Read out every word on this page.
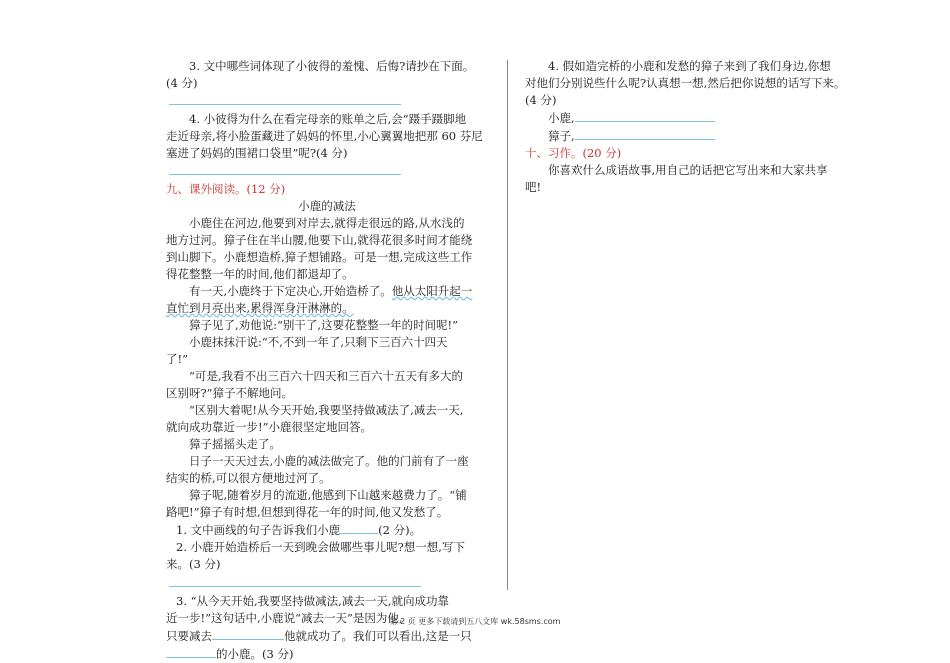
3. 文中哪些词体现了小彼得的羞愧、后悔?请抄在下面。

(4 分)

4. 小彼得为什么在看完母亲的账单之后,会“蹑手蹑脚地

走近母亲,将小脸蛋藏进了妈妈的怀里,小心翼翼地把那 60 芬尼

塞进了妈妈的围裙口袋里”呢?(4 分)

九、课外阅读。(12 分)

小鹿的减法

小鹿住在河边,他要到对岸去,就得走很远的路,从水浅的

地方过河。獐子住在半山腰,他要下山,就得花很多时间才能绕

到山脚下。小鹿想造桥,獐子想铺路。可是一想,完成这些工作

得花整整一年的时间,他们都退却了。

有一天,小鹿终于下定决心,开始造桥了。他从太阳升起一

直忙到月亮出来,累得浑身汗淋淋的。

獐子见了,劝他说:“别干了,这要花整整一年的时间呢!”

小鹿抹抹汗说:“不,不到一年了,只剩下三百六十四天

了!”

“可是,我看不出三百六十四天和三百六十五天有多大的

区别呀?”獐子不解地问。

“区别大着呢!从今天开始,我要坚持做减法了,减去一天,

就向成功靠近一步!”小鹿很坚定地回答。

獐子摇摇头走了。

日子一天天过去,小鹿的减法做完了。他的门前有了一座

结实的桥,可以很方便地过河了。

獐子呢,随着岁月的流逝,他感到下山越来越费力了。“铺

路吧!”獐子有时想,但想到得花一年的时间,他又发愁了。

1. 文中画线的句子告诉我们小鹿	(2 分)。

2. 小鹿开始造桥后一天到晚会做哪些事儿呢?想一想,写下

来。(3 分)

3. “从今天开始,我要坚持做减法,减去一天,就向成功靠

近一步!”这句话中,小鹿说“减去一天”是因为他,

只要减去	他就成功了。我们可以看出,这是一只

的小鹿。(3 分)

4. 假如造完桥的小鹿和发愁的獐子来到了我们身边,你想

对他们分别说些什么呢?认真想一想,然后把你说想的话写下来。

(4 分)

小鹿,

獐子,

十、习作。(20 分)

你喜欢什么成语故事,用自己的话把它写出来和大家共享

吧!

第 2 页 更多下载请到五八文库 wk.58sms.com
